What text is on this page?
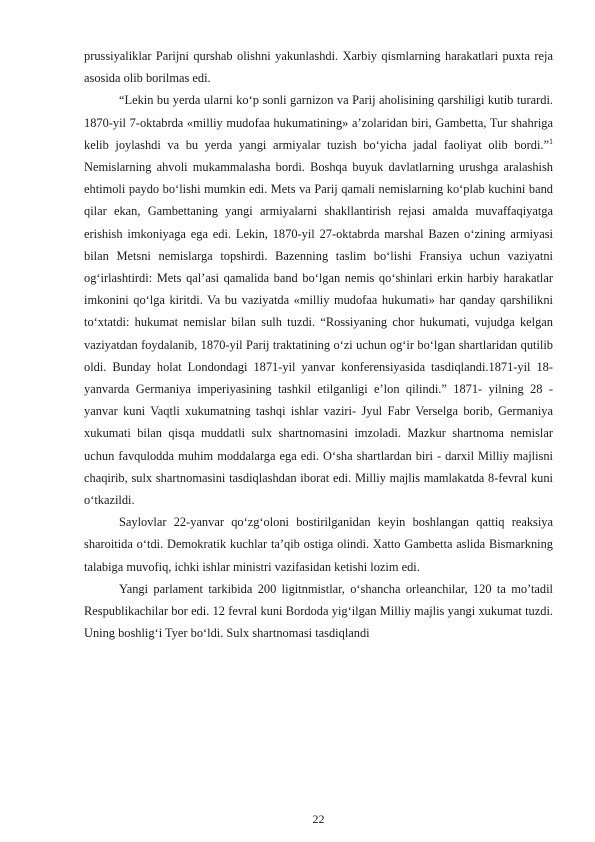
prussiyaliklar Parijni qurshab olishni yakunlashdi. Xarbiy qismlarning harakatlari puxta reja asosida olib borilmas edi.

“Lekin bu yerda ularni ko‘p sonli garnizon va Parij aholisining qarshiligi kutib turardi. 1870-yil 7-oktabrda «milliy mudofaa hukumatining» a’zolaridan biri, Gambetta, Tur shahriga kelib joylashdi va bu yerda yangi armiyalar tuzish bo‘yicha jadal faoliyat olib bordi.”$^1$ Nemislarning ahvoli mukammalasha bordi. Boshqa buyuk davlatlarning urushga aralashish ehtimoli paydo bo‘lishi mumkin edi. Mets va Parij qamali nemislarning ko‘plab kuchini band qilar ekan, Gambettaning yangi armiyalarni shakllantirish rejasi amalda muvaffaqiyatga erishish imkoniyaga ega edi. Lekin, 1870-yil 27-oktabrda marshal Bazen o‘zining armiyasi bilan Metsni nemislarga topshirdi. Bazenning taslim bo‘lishi Fransiya uchun vaziyatni og‘irlashtirdi: Mets qal’asi qamalida band bo‘lgan nemis qo‘shinlari erkin harbiy harakatlar imkonini qo‘lga kiritdi. Va bu vaziyatda «milliy mudofaa hukumati» har qanday qarshilikni to‘xtatdi: hukumat nemislar bilan sulh tuzdi. “Rossiyaning chor hukumati, vujudga kelgan vaziyatdan foydalanib, 1870-yil Parij traktatining o‘zi uchun og‘ir bo‘lgan shartlaridan qutilib oldi. Bunday holat Londondagi 1871-yil yanvar konferensiyasida tasdiqlandi.1871-yil 18-yanvarda Germaniya imperiyasining tashkil etilganligi e’lon qilindi.” 1871- yilning 28 -yanvar kuni Vaqtli xukumatning tashqi ishlar vaziri- Jyul Fabr Verselga borib, Germaniya xukumati bilan qisqa muddatli sulx shartnomasini imzoladi. Mazkur shartnoma nemislar uchun favqulodda muhim moddalarga ega edi. O‘sha shartlardan biri - darxil Milliy majlisni chaqirib, sulx shartnomasini tasdiqlashdan iborat edi. Milliy majlis mamlakatda 8-fevral kuni o‘tkazildi.

Saylovlar 22-yanvar qo‘zg‘oloni bostirilganidan keyin boshlangan qattiq reaksiya sharoitida o‘tdi. Demokratik kuchlar ta’qib ostiga olindi. Xatto Gambetta aslida Bismarkning talabiga muvofiq, ichki ishlar ministri vazifasidan ketishi lozim edi.

Yangi parlament tarkibida 200 ligitnmistlar, o‘shancha orleanchilar, 120 ta mo’tadil Respublikachilar bor edi. 12 fevral kuni Bordoda yig‘ilgan Milliy majlis yangi xukumat tuzdi. Uning boshlig‘i Tyer bo‘ldi. Sulx shartnomasi tasdiqlandi

22
